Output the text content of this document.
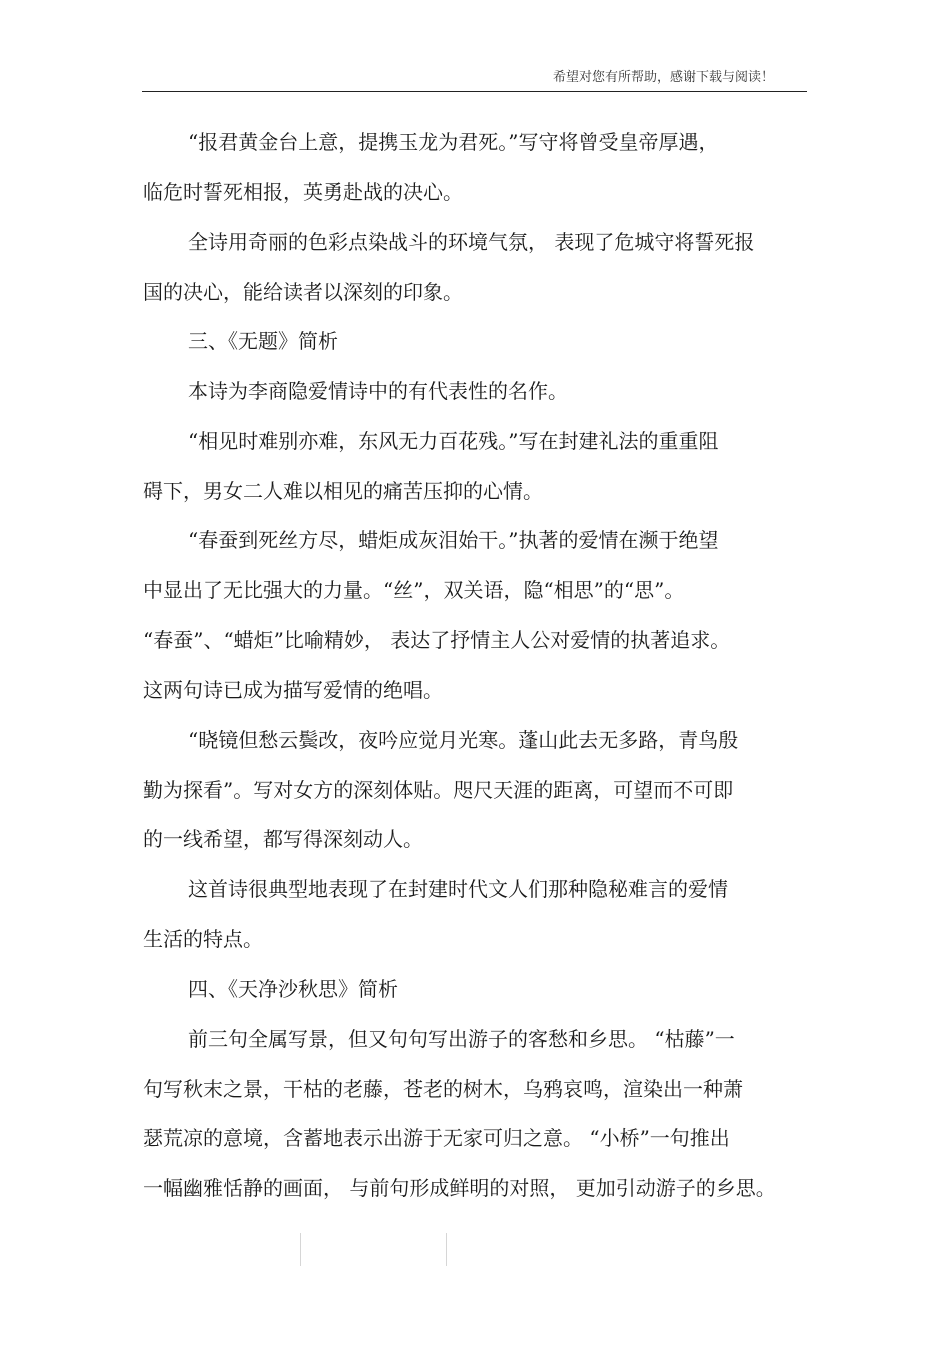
希望对您有所帮助，感谢下载与阅读！
“报君黄金台上意，提携玉龙为君死。”写守将曾受皇帝厚遇，
临危时誓死相报，英勇赴战的决心。
全诗用奇丽的色彩点染战斗的环境气氛， 表现了危城守将誓死报
国的决心，能给读者以深刻的印象。
三、《无题》简析
本诗为李商隐爱情诗中的有代表性的名作。
“相见时难别亦难，东风无力百花残。”写在封建礼法的重重阻
碍下，男女二人难以相见的痛苦压抑的心情。
“春蚕到死丝方尽，蜡炬成灰泪始干。”执著的爱情在濒于绝望
中显出了无比强大的力量。“丝”，双关语，隐“相思”的“思”。
“春蚕”、“蜡炬”比喻精妙， 表达了抒情主人公对爱情的执著追求。
这两句诗已成为描写爱情的绝唱。
“晓镜但愁云鬓改，夜吟应觉月光寒。蓬山此去无多路，青鸟殷
勤为探看”。写对女方的深刻体贴。咫尺天涯的距离，可望而不可即
的一线希望，都写得深刻动人。
这首诗很典型地表现了在封建时代文人们那种隐秘难言的爱情
生活的特点。
四、《天净沙秋思》简析
前三句全属写景，但又句句写出游子的客愁和乡思。 “枯藤”一
句写秋末之景，干枯的老藤，苍老的树木，乌鸦哀鸣，渲染出一种萧
瑟荒凉的意境，含蓄地表示出游于无家可归之意。 “小桥”一句推出
一幅幽雅恬静的画面， 与前句形成鲜明的对照， 更加引动游子的乡思。
